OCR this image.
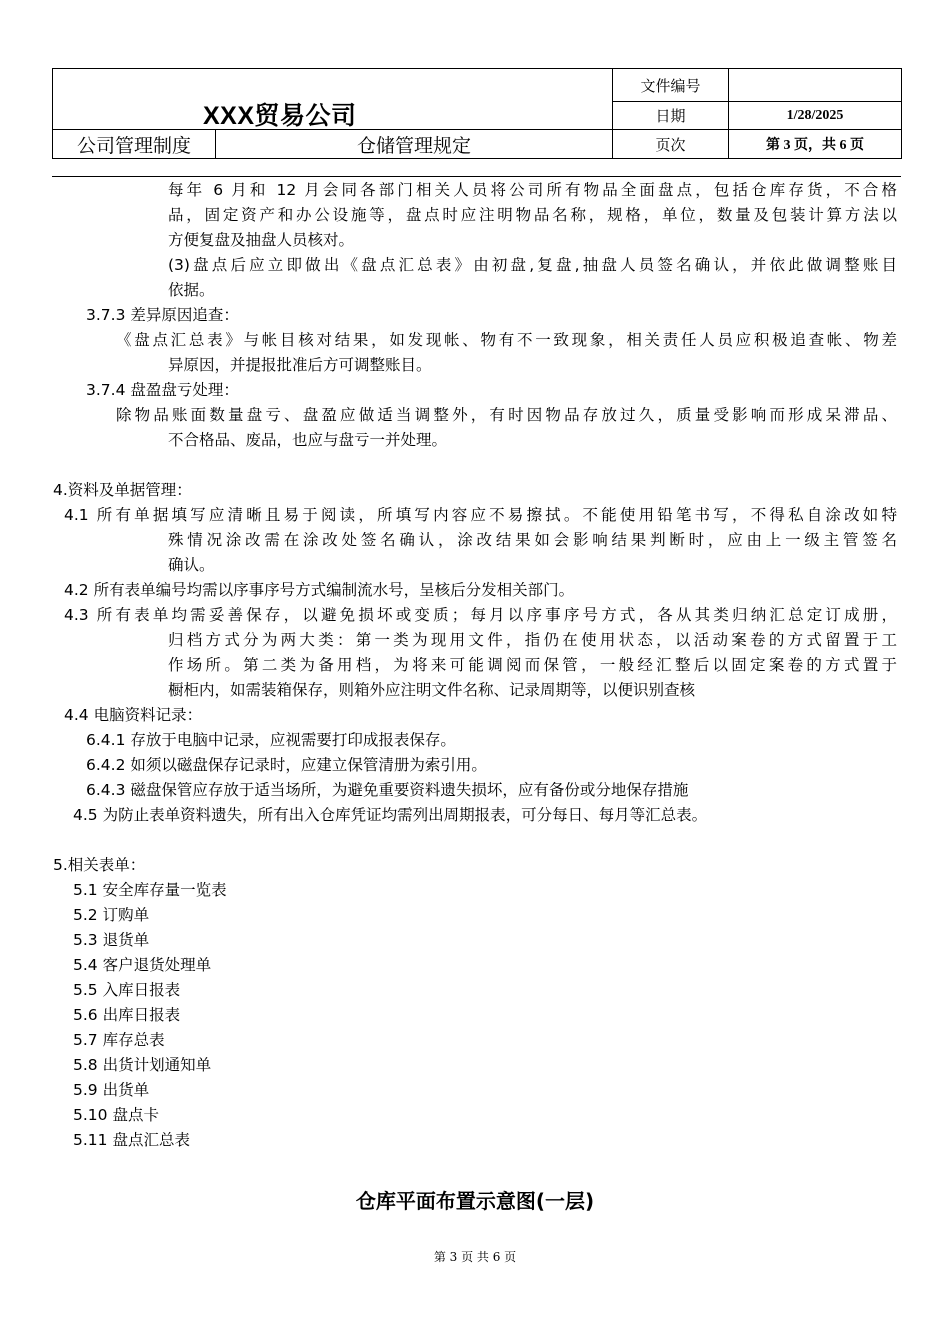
XXX贸易公司		文件编号	
		日期	1/28/2025
公司管理制度	仓储管理规定	页次	第 3 页，共 6 页
每年 6 月和 12 月会同各部门相关人员将公司所有物品全面盘点，包括仓库存货，不合格
品，固定资产和办公设施等，盘点时应注明物品名称，规格，单位，数量及包装计算方法以
方便复盘及抽盘人员核对。
(3)盘点后应立即做出《盘点汇总表》由初盘,复盘,抽盘人员签名确认，并依此做调整账目
依据。
3.7.3 差异原因追查：
《盘点汇总表》与帐目核对结果，如发现帐、物有不一致现象，相关责任人员应积极追查帐、物差
异原因，并提报批准后方可调整账目。
3.7.4 盘盈盘亏处理：
除物品账面数量盘亏、盘盈应做适当调整外，有时因物品存放过久，质量受影响而形成呆滞品、
不合格品、废品，也应与盘亏一并处理。
4.资料及单据管理：
4.1 所有单据填写应清晰且易于阅读，所填写内容应不易擦拭。不能使用铅笔书写，不得私自涂改如特
殊情况涂改需在涂改处签名确认，涂改结果如会影响结果判断时，应由上一级主管签名
确认。
4.2 所有表单编号均需以序事序号方式编制流水号，呈核后分发相关部门。
4.3 所有表单均需妥善保存，以避免损坏或变质；每月以序事序号方式，各从其类归纳汇总定订成册，
归档方式分为两大类：第一类为现用文件，指仍在使用状态，以活动案卷的方式留置于工
作场所。第二类为备用档，为将来可能调阅而保管，一般经汇整后以固定案卷的方式置于
橱柜内，如需装箱保存，则箱外应注明文件名称、记录周期等，以便识别查核
4.4 电脑资料记录：
6.4.1 存放于电脑中记录，应视需要打印成报表保存。
6.4.2 如须以磁盘保存记录时，应建立保管清册为索引用。
6.4.3 磁盘保管应存放于适当场所，为避免重要资料遗失损坏，应有备份或分地保存措施
4.5 为防止表单资料遗失，所有出入仓库凭证均需列出周期报表，可分每日、每月等汇总表。
5.相关表单：
5.1 安全库存量一览表
5.2 订购单
5.3 退货单
5.4 客户退货处理单
5.5 入库日报表
5.6 出库日报表
5.7 库存总表
5.8 出货计划通知单
5.9 出货单
5.10 盘点卡
5.11 盘点汇总表
仓库平面布置示意图(一层)
第 3 页 共 6 页
